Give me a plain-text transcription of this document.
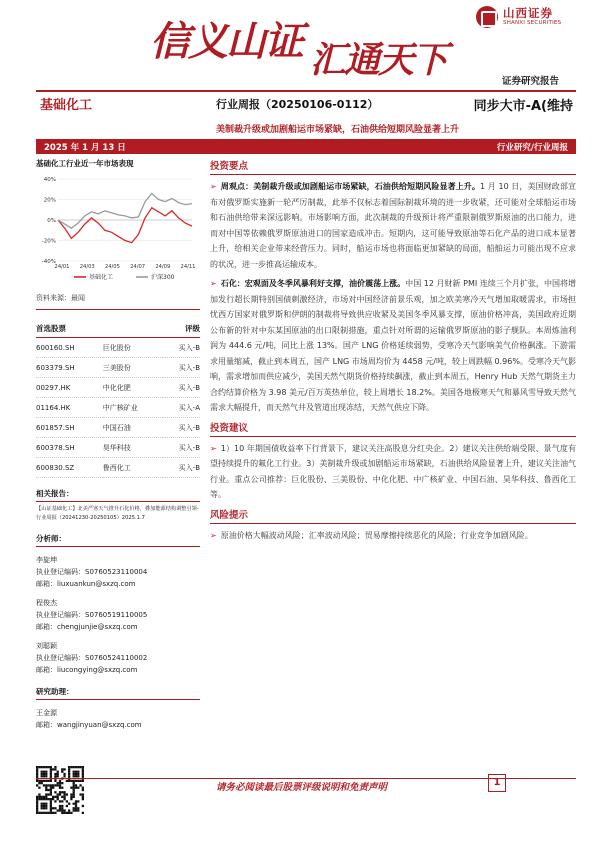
山西证券
SHANXI SECURITIES
信义山证 汇通天下
证券研究报告
基础化工	行业周报（20250106-0112）	同步大市-A(维持
美制裁升级或加剧船运市场紧缺，石油供给短期风险显著上升
2025 年 1 月 13 日	行业研究/行业周报
基础化工行业近一年市场表现
40%
20%
0%
-20%
-40%
24/01 24/03 24/05 24/07 24/09 24/11
基础化工	沪深300
资料来源：最闻
首选股票		评级
600160.SH	巨化股份	买入-B
603379.SH	三美股份	买入-B
00297.HK	中化化肥	买入-B
01164.HK	中广核矿业	买入-A
601857.SH	中国石油	买入-B
600378.SH	昊华科技	买入-B
600830.SZ	鲁西化工	买入-B
相关报告：
【山证基础化工】北美严寒天气推升石化价格，叠加能源结构调整引领-行业周报（20241230-20250105）2025.1.7
分析师：
李旋坤
执业登记编码：S0760523110004
邮箱：liuxuankun@sxzq.com
程俊杰
执业登记编码：S0760519110005
邮箱：chengjunjie@sxzq.com
刘聪颖
执业登记编码：S0760524110002
邮箱：liucongying@sxzq.com
研究助理：
王金源
邮箱：wangjinyuan@sxzq.com
投资要点

➢ 周观点：美制裁升级或加剧船运市场紧缺，石油供给短期风险显著上升。1 月 10 日，美国财政部宣布对俄罗斯实施新一轮严厉制裁，此举不仅标志着国际制裁环境的进一步收紧，还可能对全球船运市场和石油供给带来深远影响。市场影响方面，此次制裁的升级预计将严重限制俄罗斯原油的出口能力，进而对中国等依赖俄罗斯原油进口的国家造成冲击。短期内，这可能导致原油等石化产品的进口成本显著上升，给相关企业带来经营压力。同时，船运市场也将面临更加紧缺的局面，船舶运力可能出现不应求的状况，进一步推高运输成本。

➢ 石化：宏观面及冬季风暴利好支撑，油价震荡上涨。中国 12 月财新 PMI 连续三个月扩张，中国将增加发行超长期特别国债刺激经济，市场对中国经济前景乐观，加之欧美寒冷天气增加取暖需求，市场担忧西方国家对俄罗斯和伊朗的制裁将导致供应收紧及美国冬季风暴支撑，原油价格冲高，美国政府近期公布新的针对中东某国原油的出口限制措施，重点针对所谓的运输俄罗斯原油的影子舰队。本周炼油利润为 444.6 元/吨，同比上涨 13%。国产 LNG 价格延续弱势，受寒冷天气影响美气价格飙涨。下游需求用量缩减，截止到本周五，国产 LNG 市场周均价为 4458 元/吨，较上周跌幅 0.96%。受寒冷天气影响，需求增加而供应减少，美国天然气期货价格持续飙涨，截止到本周五，Henry Hub 天然气期货主力合约结算价格为 3.98 美元/百万英热单位，较上周增长 18.2%。美国各地极寒天气和暴风雪导致天然气需求大幅提升，而天然气井及管道出现冻结，天然气供应下降。

投资建议

➢ 1）10 年期国债收益率下行背景下，建议关注高股息分红央企。2）建议关注供给端受限、景气度有望持续提升的氟化工行业。3）美制裁升级或加剧船运市场紧缺，石油供给风险显著上升，建议关注油气行业。重点公司推荐：巨化股份、三美股份、中化化肥、中广核矿业、中国石油、昊华科技、鲁西化工等。

风险提示

➢ 原油价格大幅波动风险；汇率波动风险；贸易摩擦持续恶化的风险；行业竞争加剧风险。

请务必阅读最后股票评级说明和免责声明	1
